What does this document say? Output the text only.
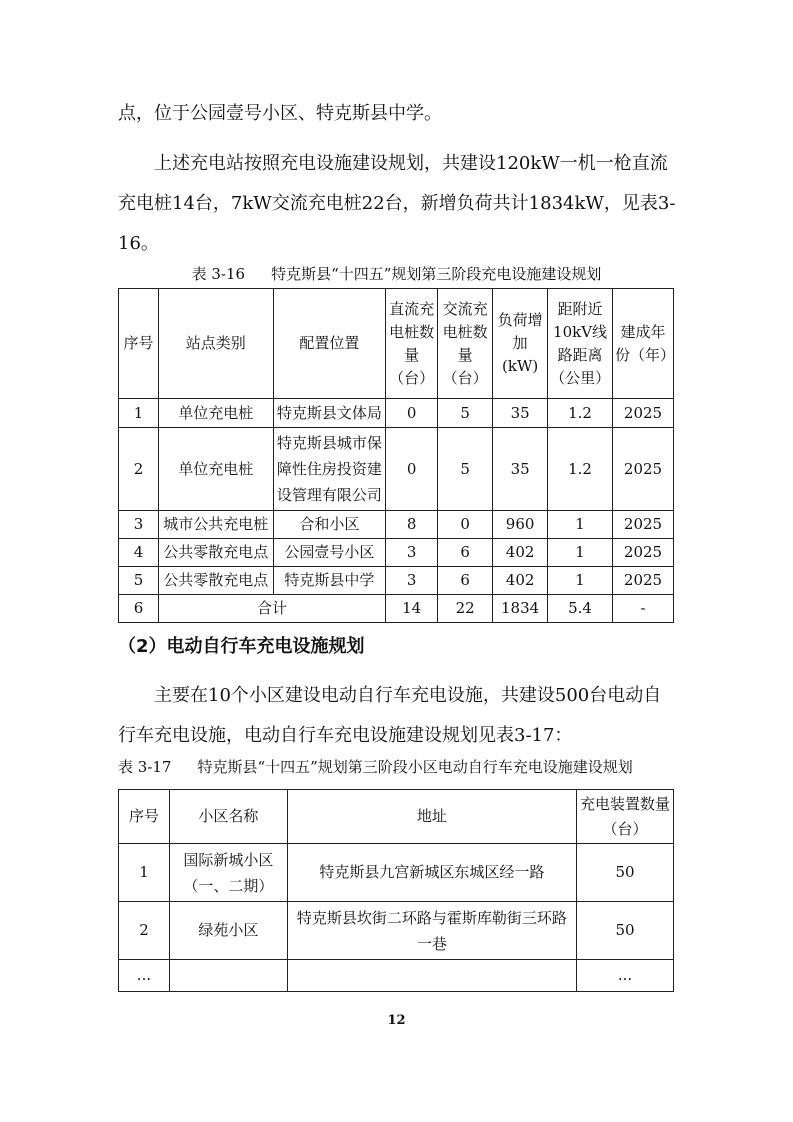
点，位于公园壹号小区、特克斯县中学。

上述充电站按照充电设施建设规划，共建设120kW一机一枪直流充电桩14台，7kW交流充电桩22台，新增负荷共计1834kW，见表3-16。

表 3-16 特克斯县“十四五”规划第三阶段充电设施建设规划

序号	站点类别	配置位置	直流充电桩数量（台）	交流充电桩数量（台）	负荷增加(kW)	距附近10kV线路距离（公里）	建成年份（年）
1	单位充电桩	特克斯县文体局	0	5	35	1.2	2025
2	单位充电桩	特克斯县城市保障性住房投资建设管理有限公司	0	5	35	1.2	2025
3	城市公共充电桩	合和小区	8	0	960	1	2025
4	公共零散充电点	公园壹号小区	3	6	402	1	2025
5	公共零散充电点	特克斯县中学	3	6	402	1	2025
6	合计		14	22	1834	5.4	-

（2）电动自行车充电设施规划

主要在10个小区建设电动自行车充电设施，共建设500台电动自行车充电设施，电动自行车充电设施建设规划见表3-17：

表 3-17 特克斯县“十四五”规划第三阶段小区电动自行车充电设施建设规划

序号	小区名称	地址	充电装置数量（台）
1	国际新城小区（一、二期）	特克斯县九宫新城区东城区经一路	50
2	绿苑小区	特克斯县坎街二环路与霍斯库勒街三环路一巷	50
...			...
12
